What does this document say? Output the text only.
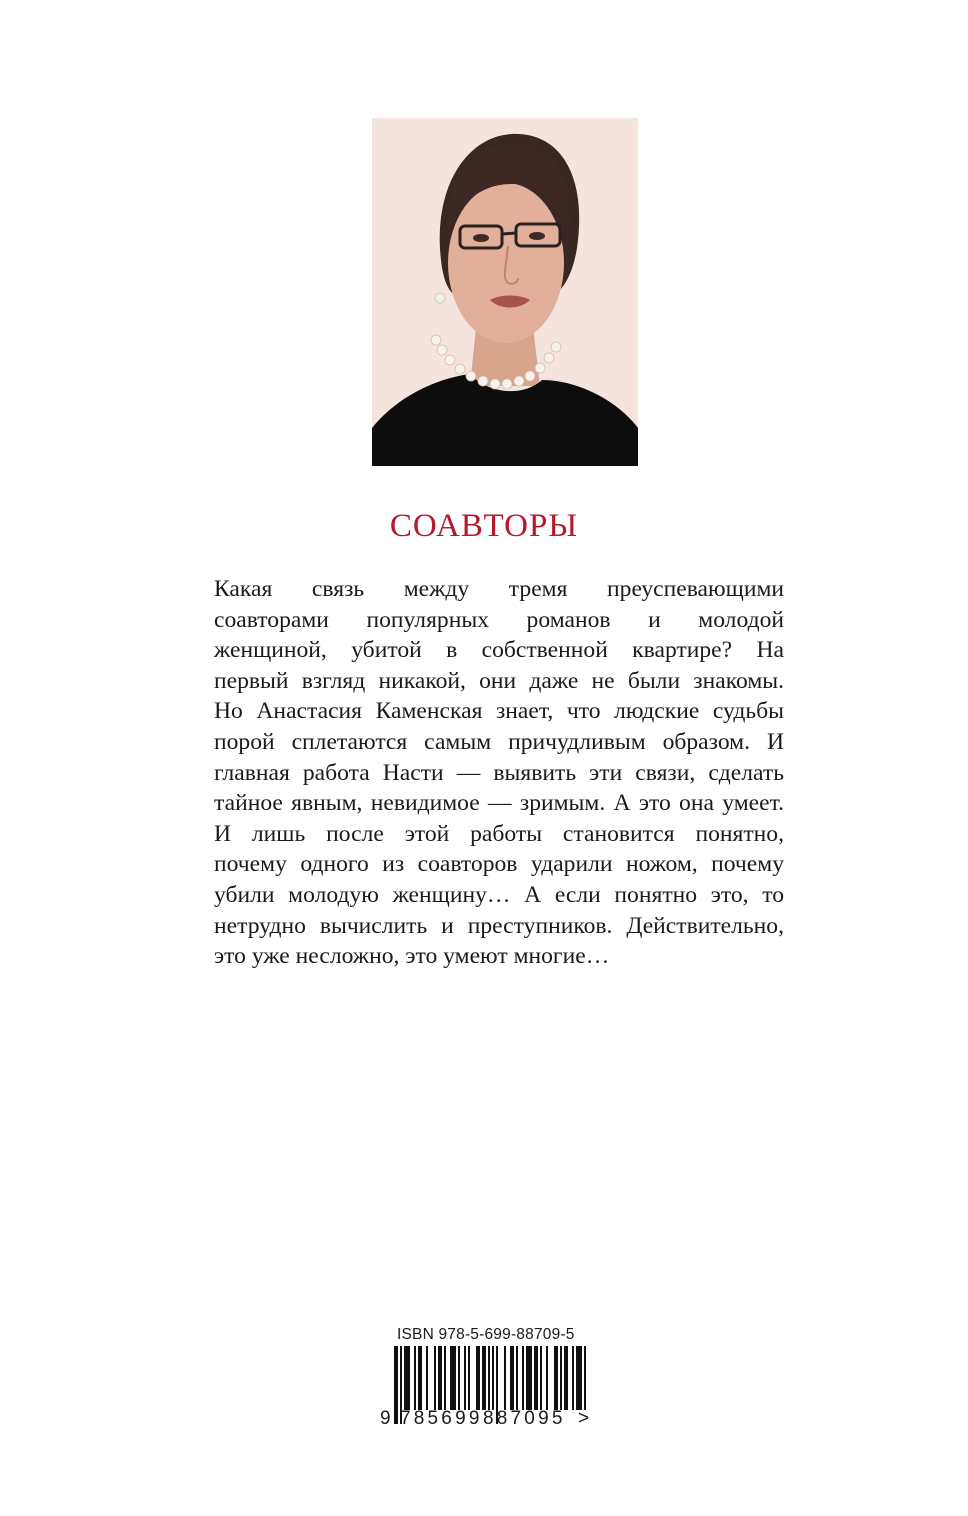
СОАВТОРЫ
Какая связь между тремя преуспевающими
соавторами популярных романов и молодой
женщиной, убитой в собственной квартире? На
первый взгляд никакой, они даже не были знакомы.
Но Анастасия Каменская знает, что людские судьбы
порой сплетаются самым причудливым образом. И
главная работа Насти — выявить эти связи, сделать
тайное явным, невидимое — зримым. А это она умеет.
И лишь после этой работы становится понятно,
почему одного из соавторов ударили ножом, почему
убили молодую женщину… А если понятно это, то
нетрудно вычислить и преступников. Действительно,
это уже несложно, это умеют многие…
ISBN 978-5-699-88709-5
9 785699 887095 >
